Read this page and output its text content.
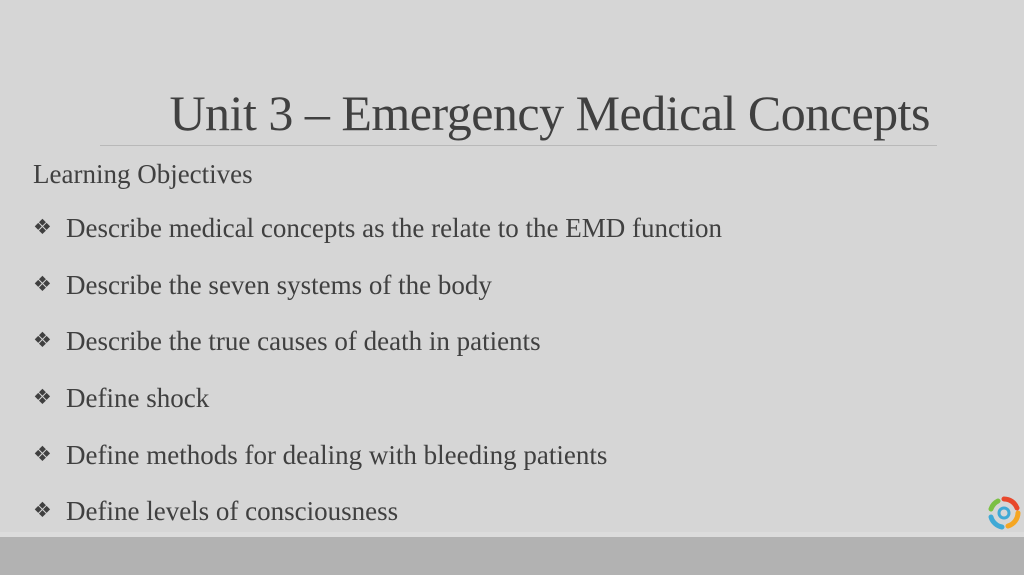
Unit 3 – Emergency Medical Concepts
Learning Objectives
❖ Describe medical concepts as the relate to the EMD function
❖ Describe the seven systems of the body
❖ Describe the true causes of death in patients
❖ Define shock
❖ Define methods for dealing with bleeding patients
❖ Define levels of consciousness
